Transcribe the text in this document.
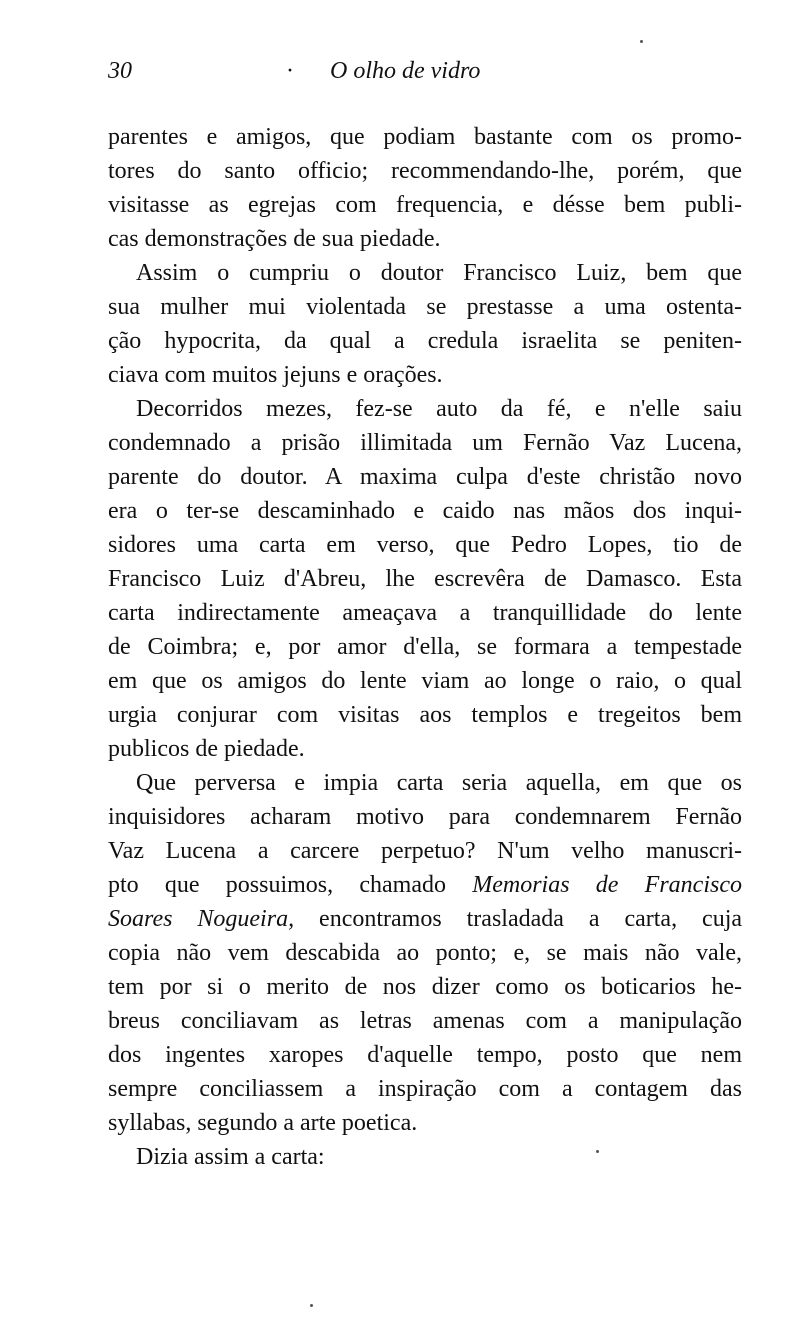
30	· O olho de vidro
parentes e amigos, que podiam bastante com os promo-
tores do santo officio; recommendando-lhe, porém, que
visitasse as egrejas com frequencia, e désse bem publi-
cas demonstrações de sua piedade.
Assim o cumpriu o doutor Francisco Luiz, bem que
sua mulher mui violentada se prestasse a uma ostenta-
ção hypocrita, da qual a credula israelita se peniten-
ciava com muitos jejuns e orações.
Decorridos mezes, fez-se auto da fé, e n'elle saiu
condemnado a prisão illimitada um Fernão Vaz Lucena,
parente do doutor. A maxima culpa d'este christão novo
era o ter-se descaminhado e caido nas mãos dos inqui-
sidores uma carta em verso, que Pedro Lopes, tio de
Francisco Luiz d'Abreu, lhe escrevêra de Damasco. Esta
carta indirectamente ameaçava a tranquillidade do lente
de Coimbra; e, por amor d'ella, se formara a tempestade
em que os amigos do lente viam ao longe o raio, o qual
urgia conjurar com visitas aos templos e tregeitos bem
publicos de piedade.
Que perversa e impia carta seria aquella, em que os
inquisidores acharam motivo para condemnarem Fernão
Vaz Lucena a carcere perpetuo? N'um velho manuscri-
pto que possuimos, chamado Memorias de Francisco
Soares Nogueira, encontramos trasladada a carta, cuja
copia não vem descabida ao ponto; e, se mais não vale,
tem por si o merito de nos dizer como os boticarios he-
breus conciliavam as letras amenas com a manipulação
dos ingentes xaropes d'aquelle tempo, posto que nem
sempre conciliassem a inspiração com a contagem das
syllabas, segundo a arte poetica.
Dizia assim a carta:
